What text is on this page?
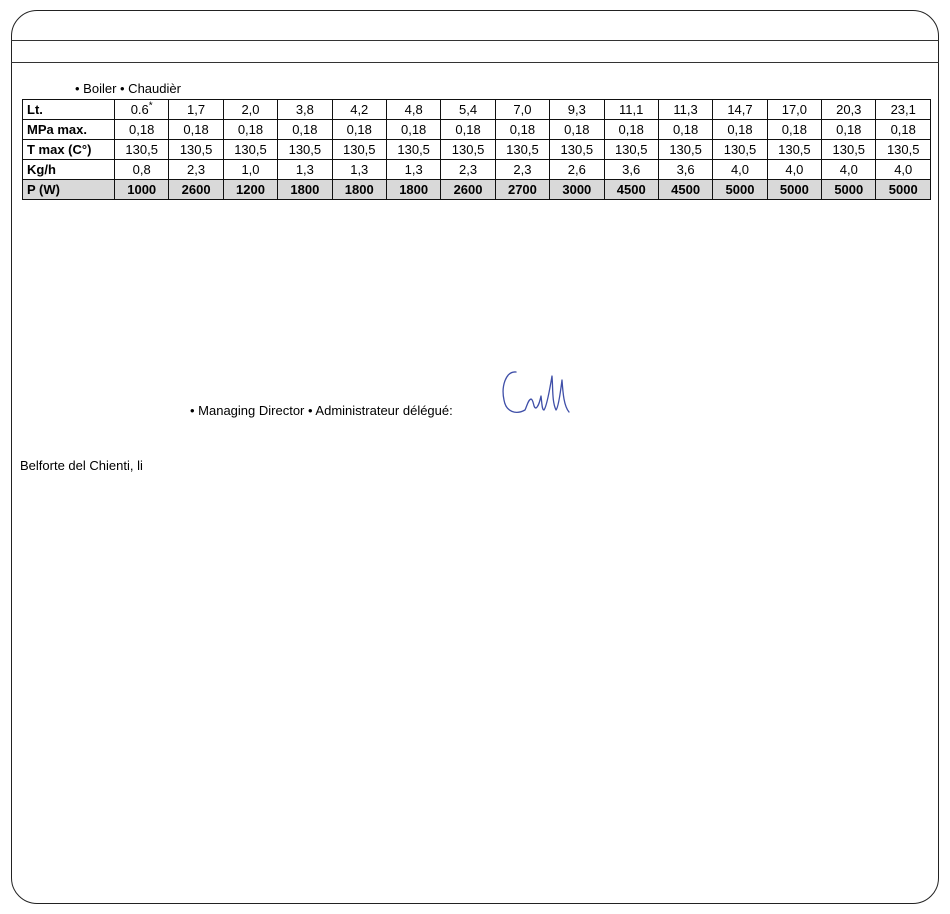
• Boiler • Chaudièr
Lt.	0.6*	1,7	2,0	3,8	4,2	4,8	5,4	7,0	9,3	11,1	11,3	14,7	17,0	20,3	23,1
MPa max.	0,18	0,18	0,18	0,18	0,18	0,18	0,18	0,18	0,18	0,18	0,18	0,18	0,18	0,18	0,18
T max (C°)	130,5	130,5	130,5	130,5	130,5	130,5	130,5	130,5	130,5	130,5	130,5	130,5	130,5	130,5	130,5
Kg/h	0,8	2,3	1,0	1,3	1,3	1,3	2,3	2,3	2,6	3,6	3,6	4,0	4,0	4,0	4,0
P (W)	1000	2600	1200	1800	1800	1800	2600	2700	3000	4500	4500	5000	5000	5000	5000
• Managing Director • Administrateur délégué:
Belforte del Chienti, li
